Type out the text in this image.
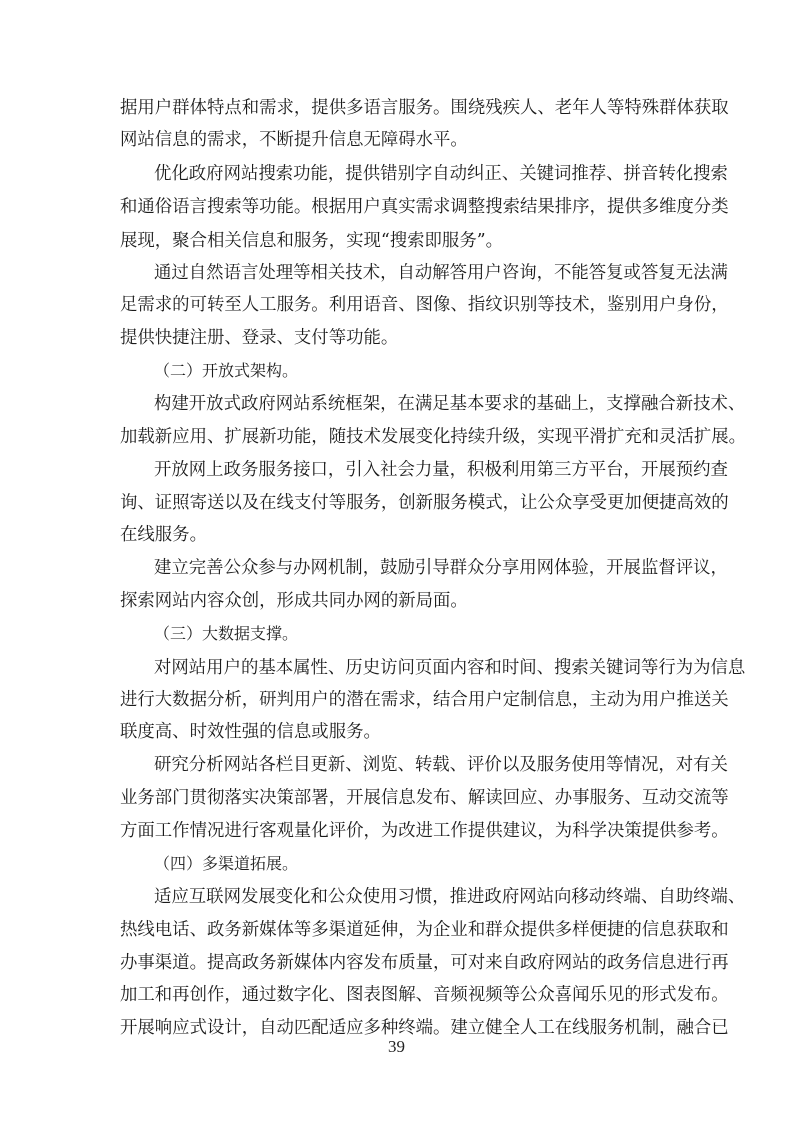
据用户群体特点和需求，提供多语言服务。围绕残疾人、老年人等特殊群体获取

网站信息的需求，不断提升信息无障碍水平。

优化政府网站搜索功能，提供错别字自动纠正、关键词推荐、拼音转化搜索

和通俗语言搜索等功能。根据用户真实需求调整搜索结果排序，提供多维度分类

展现，聚合相关信息和服务，实现“搜索即服务”。

通过自然语言处理等相关技术，自动解答用户咨询，不能答复或答复无法满

足需求的可转至人工服务。利用语音、图像、指纹识别等技术，鉴别用户身份，

提供快捷注册、登录、支付等功能。

（二）开放式架构。

构建开放式政府网站系统框架，在满足基本要求的基础上，支撑融合新技术、

加载新应用、扩展新功能，随技术发展变化持续升级，实现平滑扩充和灵活扩展。

开放网上政务服务接口，引入社会力量，积极利用第三方平台，开展预约查

询、证照寄送以及在线支付等服务，创新服务模式，让公众享受更加便捷高效的

在线服务。

建立完善公众参与办网机制，鼓励引导群众分享用网体验，开展监督评议，

探索网站内容众创，形成共同办网的新局面。

（三）大数据支撑。

对网站用户的基本属性、历史访问页面内容和时间、搜索关键词等行为为信息

进行大数据分析，研判用户的潜在需求，结合用户定制信息，主动为用户推送关

联度高、时效性强的信息或服务。

研究分析网站各栏目更新、浏览、转载、评价以及服务使用等情况，对有关

业务部门贯彻落实决策部署，开展信息发布、解读回应、办事服务、互动交流等

方面工作情况进行客观量化评价，为改进工作提供建议，为科学决策提供参考。

（四）多渠道拓展。

适应互联网发展变化和公众使用习惯，推进政府网站向移动终端、自助终端、

热线电话、政务新媒体等多渠道延伸，为企业和群众提供多样便捷的信息获取和

办事渠道。提高政务新媒体内容发布质量，可对来自政府网站的政务信息进行再

加工和再创作，通过数字化、图表图解、音频视频等公众喜闻乐见的形式发布。

开展响应式设计，自动匹配适应多种终端。建立健全人工在线服务机制，融合已

39
